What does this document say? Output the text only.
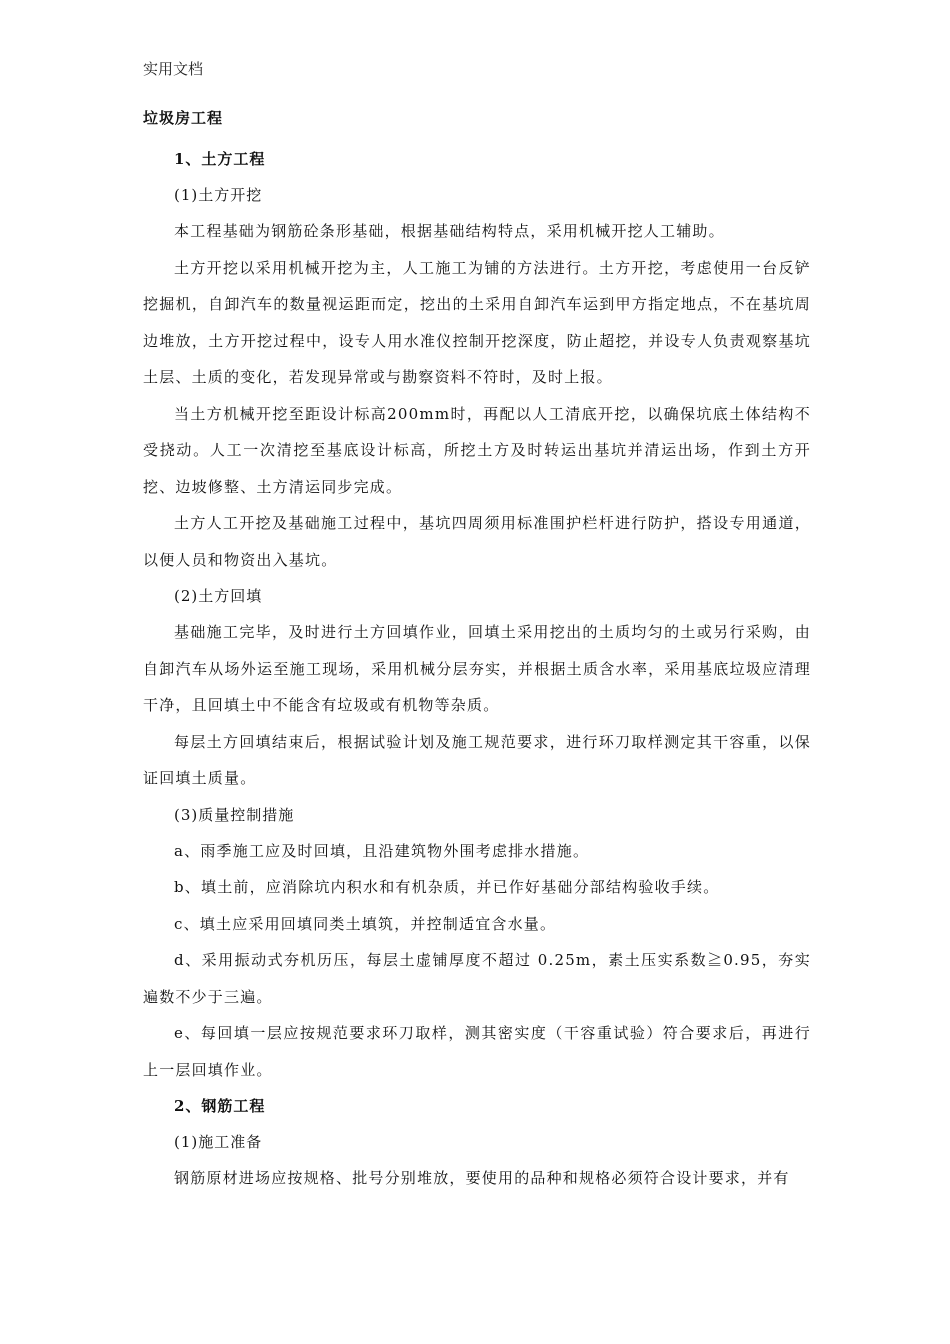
实用文档
垃圾房工程
1、土方工程
(1)土方开挖

本工程基础为钢筋砼条形基础，根据基础结构特点，采用机械开挖人工辅助。

土方开挖以采用机械开挖为主，人工施工为铺的方法进行。土方开挖，考虑使用一台反铲挖掘机，自卸汽车的数量视运距而定，挖出的土采用自卸汽车运到甲方指定地点，不在基坑周边堆放，土方开挖过程中，设专人用水准仪控制开挖深度，防止超挖，并设专人负责观察基坑土层、土质的变化，若发现异常或与勘察资料不符时，及时上报。

当土方机械开挖至距设计标高200mm时，再配以人工清底开挖，以确保坑底土体结构不受挠动。人工一次清挖至基底设计标高，所挖土方及时转运出基坑并清运出场，作到土方开挖、边坡修整、土方清运同步完成。

土方人工开挖及基础施工过程中，基坑四周须用标准围护栏杆进行防护，搭设专用通道，以便人员和物资出入基坑。

(2)土方回填

基础施工完毕，及时进行土方回填作业，回填土采用挖出的土质均匀的土或另行采购，由自卸汽车从场外运至施工现场，采用机械分层夯实，并根据土质含水率，采用基底垃圾应清理干净，且回填土中不能含有垃圾或有机物等杂质。

每层土方回填结束后，根据试验计划及施工规范要求，进行环刀取样测定其干容重，以保证回填土质量。

(3)质量控制措施

a、雨季施工应及时回填，且沿建筑物外围考虑排水措施。

b、填土前，应消除坑内积水和有机杂质，并已作好基础分部结构验收手续。

c、填土应采用回填同类土填筑，并控制适宜含水量。

d、采用振动式夯机历压，每层土虚铺厚度不超过 0.25m，素土压实系数≧0.95，夯实遍数不少于三遍。

e、每回填一层应按规范要求环刀取样，测其密实度（干容重试验）符合要求后，再进行上一层回填作业。

2、钢筋工程
(1)施工准备

钢筋原材进场应按规格、批号分别堆放，要使用的品种和规格必须符合设计要求，并有
